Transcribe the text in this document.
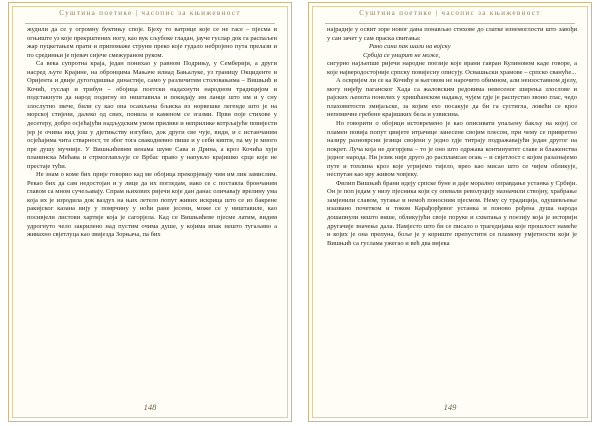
Суштина поетике | часопис за књижевност

жудили да се у огромну буктињу споје. Бјеху то ватрице које се не гасе – пјесма и огњиште уз које прекрштених ногу, као вук сљубоке гладан, јауче гуслар док га распаљен жар пуцкетањем прати и припомаже струни преко које гудало небројено пута прелази и по срединњи је пјевач сијече смежураном руком.

Са века супротна краја, један понихао у равном Подрињу, у Семберији, а други насред љуте Крајине, на обронцима Мањаче илиад Бањалуке, уз границу Окциденте и Оријента и двије дугогодишње династије, само у различитим столовањима – Вишњић и Кочић, гуслар и трибун – обојица поетски надахнути народном традицијом и подстакнути да народ подигну из ништавила и покидају им ланце што им и у сну злослутно звече, били су као она осамљена бљиска из норвешке легенде што је на морској стијени, далеко од свих, понила и каменом се згазми. Први поје стихове у десетеру, добро осјећајући надљудским умом прилике и неприлике котрљајуће повијести јер је очима вид још у дјетињству изгубио, док други све чује, види, и с истанчаним осјећајима чита стварност, те због тога свакодневно пише и у себи кипти, па му је много пре душу мучније. У Вишњићевим венама шуме Сава и Дрина, а кроз Кочића хуји планинска Мећава и стрмоглављује се Врбас право у напукло крајишко срце које не престаје тући.

Не знам о коме бих прије говорио кад ме обојица прекорјевају чим им лик замислим. Рекао бих да сам недостојан и у лице да их погледам, иако се с поставла брончаним главом са мном сучељавају. Спрам њихових ријечи које дан данас оличавају врелину ума која их је изродила док ваздух на њих летело попут живих искрица што се из бакрене ракијског казана вију у помрчину у ноћи ране јесени, може се у ништавиле, као посивјели листови хартије која је сагорјела. Кад се Вишњићеве пјесме латим, видим удрогнуто чело закрилено над пустим очима душе, у којима ипак нешто тугаљиво а живахно свјетлуца као звијезда Зорњача, па бих

148
Суштина поетике | часопис за књижевност

најрадије у освит зоре новог дана понављао стихове до слатке изнемоглости што завођи у сан зачет у сам праскa свитања:

Рано сина пак шали на војску

Србија се умирит не може,

сигурно најљепше ријечи народне поезије које врани гавран Кулиновом каде говоре, а које најверодостојније српску повијесну описују. Освашњски храмове – српско свануће...

А освријем ли се ка Кочићу и његовом не нарочито обимном, али неизоставном дјелу, могу нијеђу паганског Хада са жаловским редовима невесеног ширења злослове и рајских љепота понелих у хришћанском надању, чујем гдје је распустио звоно глас, чедо плаховитости змијаљске, за којим ехо посакује да би га сустигла, ловећи се кроз непомичне гребене крајишких бела и узвисина.

Но говорити о обојици истовремено је као описивати упаљену бакљу на којој се пламен повија попут цвијете итрачице занесене својим плесом, при чему се привретно назиру разноврсни језици својени у једно гдје титрају подражавајући један другог на покрет. Луча која не догорјева – то је оно што одржава континуитет славе и блаженства једног народа. Ни језик није друго до распламсан огањ – и свјетлост с којом разазнајемо путе и топлина кроз које угријемо тијело, врео као мисао што се чијем обликује, неспутан као вру живом човјеку.

Филип Вишњић брани идеју српске буне и даје морално оправдање устанка у Србији. Он је поп једам у низу пјесника који су опевали револуцију назначили ствојну, храбрање замјенили славом, тугање и немоћ поносним пјесмом. Нему су традиција, одушевљење изазвано почетком и током Карађорђевог устанка и поново рођена душа народа дошапнули нешто више, обликујући своје поруке и схватања у поезију која је историји другачије значење дала. Намјесто што би се писало о трагедијама које прошлост намеће и којих је она препуна, боље је у кориште препустити се пламену умјетности који је Вишњић са гуслама ужегао и већ два вијека

149
